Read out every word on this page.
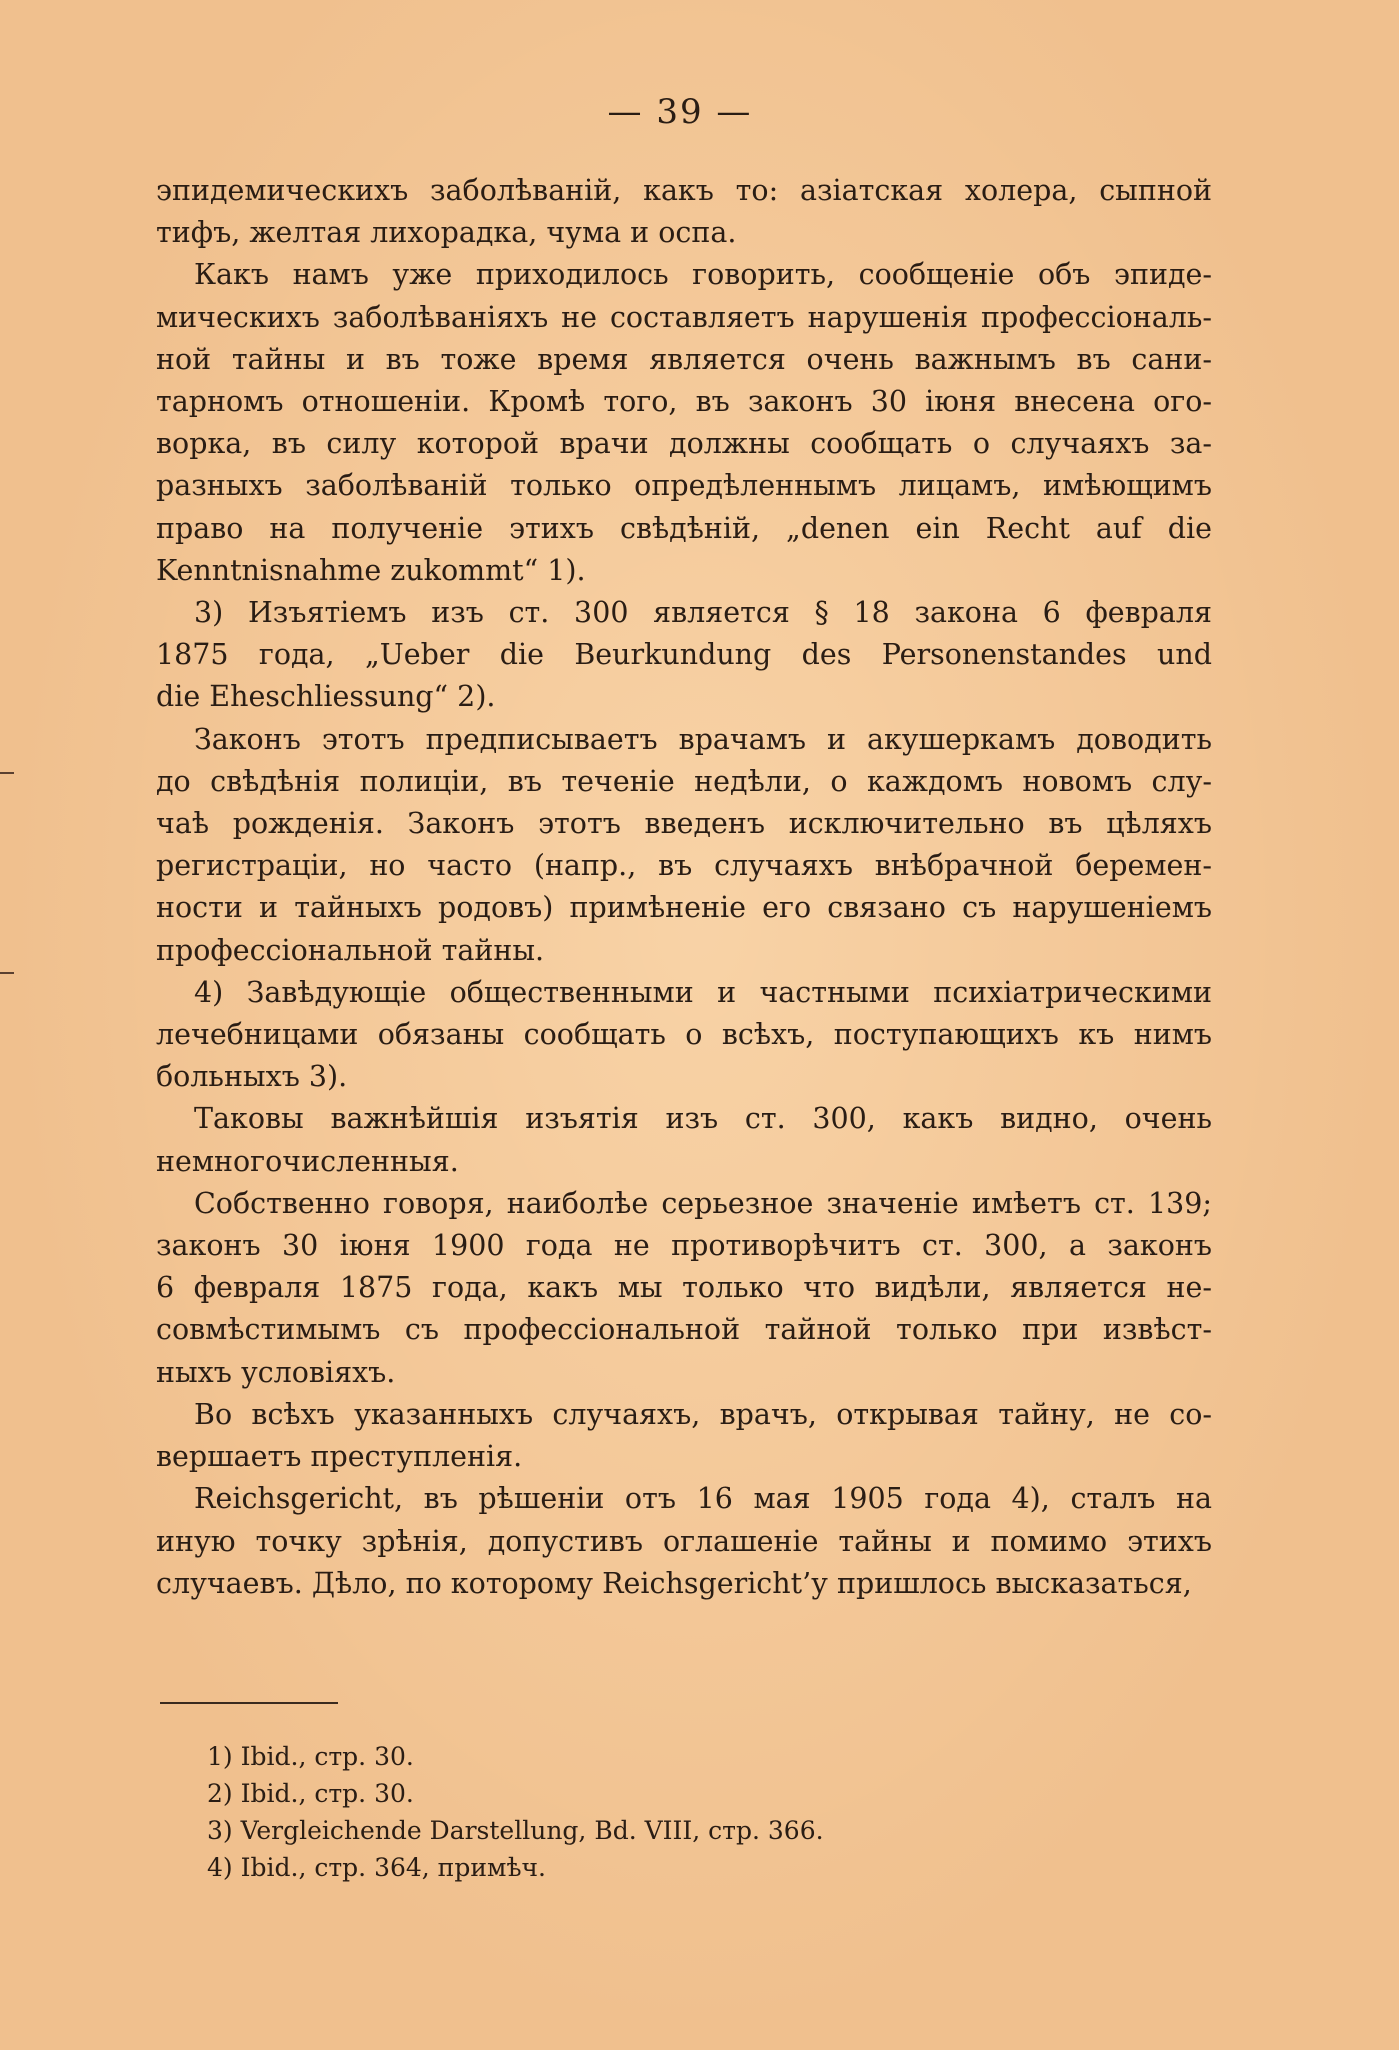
— 39 —
эпидемическихъ заболѣваній, какъ то: азіатская холера, сыпной
тифъ, желтая лихорадка, чума и оспа.
Какъ намъ уже приходилось говорить, сообщеніе объ эпиде-
мическихъ заболѣваніяхъ не составляетъ нарушенія профессіональ-
ной тайны и въ тоже время является очень важнымъ въ сани-
тарномъ отношеніи. Кромѣ того, въ законъ 30 іюня внесена ого-
ворка, въ силу которой врачи должны сообщать о случаяхъ за-
разныхъ заболѣваній только опредѣленнымъ лицамъ, имѣющимъ
право на полученіе этихъ свѣдѣній, „denen ein Recht auf die
Kenntnisnahme zukommt“ 1).
3) Изъятіемъ изъ ст. 300 является § 18 закона 6 февраля
1875 года, „Ueber die Beurkundung des Personenstandes und
die Eheschliessung“ 2).
Законъ этотъ предписываетъ врачамъ и акушеркамъ доводить
до свѣдѣнія полиціи, въ теченіе недѣли, о каждомъ новомъ слу-
чаѣ рожденія. Законъ этотъ введенъ исключительно въ цѣляхъ
регистраціи, но часто (напр., въ случаяхъ внѣбрачной беремен-
ности и тайныхъ родовъ) примѣненіе его связано съ нарушеніемъ
профессіональной тайны.
4) Завѣдующіе общественными и частными психіатрическими
лечебницами обязаны сообщать о всѣхъ, поступающихъ къ нимъ
больныхъ 3).
Таковы важнѣйшія изъятія изъ ст. 300, какъ видно, очень
немногочисленныя.
Собственно говоря, наиболѣе серьезное значеніе имѣетъ ст. 139;
законъ 30 іюня 1900 года не противорѣчитъ ст. 300, а законъ
6 февраля 1875 года, какъ мы только что видѣли, является не-
совмѣстимымъ съ профессіональной тайной только при извѣст-
ныхъ условіяхъ.
Во всѣхъ указанныхъ случаяхъ, врачъ, открывая тайну, не со-
вершаетъ преступленія.
Reichsgericht, въ рѣшеніи отъ 16 мая 1905 года 4), сталъ на
иную точку зрѣнія, допустивъ оглашеніе тайны и помимо этихъ
случаевъ. Дѣло, по которому Reichsgericht’у пришлось высказаться,
1) Ibid., стр. 30.
2) Ibid., стр. 30.
3) Vergleichende Darstellung, Bd. VIII, стр. 366.
4) Ibid., стр. 364, примѣч.
